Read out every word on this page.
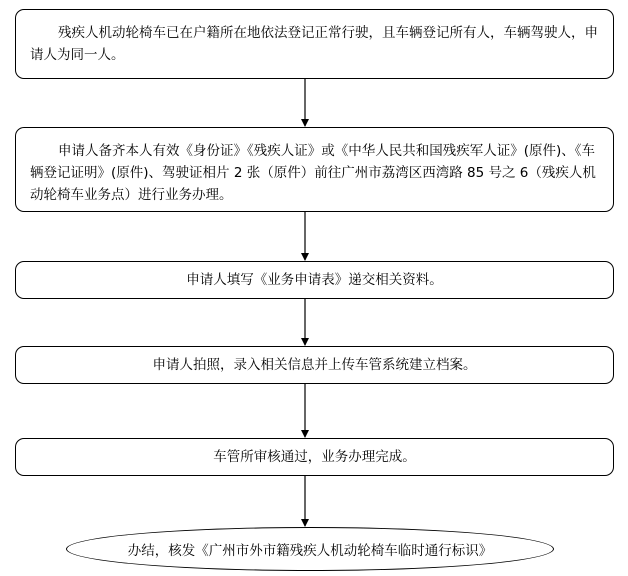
残疾人机动轮椅车已在户籍所在地依法登记正常行驶，且车辆登记所有人，车辆驾驶人，申请人为同一人。
申请人备齐本人有效《身份证》《残疾人证》或《中华人民共和国残疾军人证》(原件)、《车辆登记证明》(原件)、驾驶证相片 2 张（原件）前往广州市荔湾区西湾路 85 号之 6（残疾人机动轮椅车业务点）进行业务办理。
申请人填写《业务申请表》递交相关资料。
申请人拍照，录入相关信息并上传车管系统建立档案。
车管所审核通过，业务办理完成。
办结，核发《广州市外市籍残疾人机动轮椅车临时通行标识》
